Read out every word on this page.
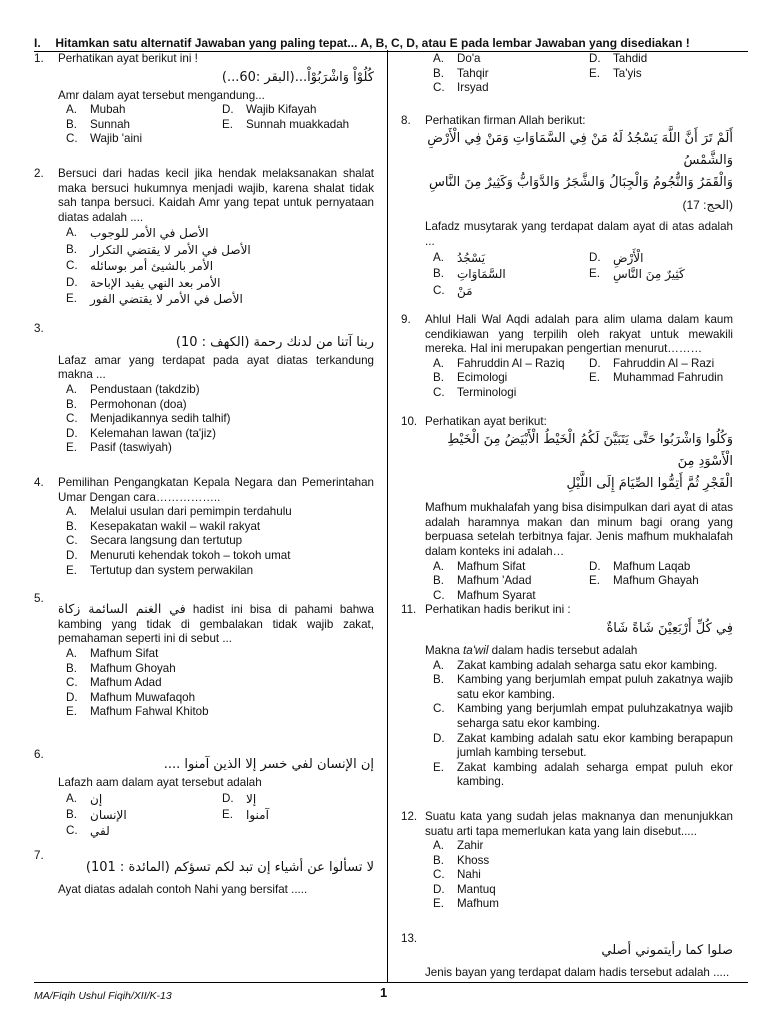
I. Hitamkan satu alternatif Jawaban yang paling tepat... A, B, C, D, atau E pada lembar Jawaban yang disediakan !
1.	Perhatikan ayat berikut ini !
كُلُوْاْ وَاشْرَبُوْاْ...(البقر :60...)
Amr dalam ayat tersebut mengandung...
A.	Mubah	D.	Wajib Kifayah
B.	Sunnah	E.	Sunnah muakkadah
C.	Wajib 'aini
2.	Bersuci dari hadas kecil jika hendak melaksanakan shalat maka bersuci hukumnya menjadi wajib, karena shalat tidak sah tanpa bersuci. Kaidah Amr yang tepat untuk pernyataan diatas adalah ....
A.	الأصل في الأمر للوجوب
B.	الأصل في الأمر لا يقتضي التكرار
C.	الأمر بالشيئ أمر بوسائله
D.	الأمر بعد النهي يفيد الإباحة
E.	الأصل في الأمر لا يقتضي الفور
3.
ربنا آتنا من لدنك رحمة (الكهف : 10)
Lafaz amar yang terdapat pada ayat diatas terkandung makna ...
A.	Pendustaan (takdzib)
B.	Permohonan (doa)
C.	Menjadikannya sedih talhif)
D.	Kelemahan lawan (ta'jiz)
E.	Pasif (taswiyah)
4.	Pemilihan Pengangkatan Kepala Negara dan Pemerintahan Umar Dengan cara……………..
A.	Melalui usulan dari pemimpin terdahulu
B.	Kesepakatan wakil – wakil rakyat
C.	Secara langsung dan tertutup
D.	Menuruti kehendak tokoh – tokoh umat
E.	Tertutup dan system perwakilan
5.
في الغنم السائمة زكاة hadist ini bisa di pahami bahwa kambing yang tidak di gembalakan tidak wajib zakat, pemahaman seperti ini di sebut ...
A.	Mafhum Sifat
B.	Mafhum Ghoyah
C.	Mafhum Adad
D.	Mafhum Muwafaqoh
E.	Mafhum Fahwal Khitob
6.
إن الإنسان لفي خسر إلا الذين آمنوا ....
Lafazh aam dalam ayat tersebut adalah
A.	إن	D.	إلا
B.	الإنسان	E.	آمنوا
C.	لفي
7.
لا تسألوا عن أشياء إن تبد لكم تسؤكم (المائدة : 101)
Ayat diatas adalah contoh Nahi yang bersifat .....
A.	Do'a	D.	Tahdid
B.	Tahqir	E.	Ta'yis
C.	Irsyad
8.	Perhatikan firman Allah berikut:
أَلَمْ تَرَ أَنَّ اللَّهَ يَسْجُدُ لَهُ مَنْ فِي السَّمَاوَاتِ وَمَنْ فِي الْأَرْضِ وَالشَّمْسُ
وَالْقَمَرُ وَالنُّجُومُ وَالْجِبَالُ وَالشَّجَرُ وَالدَّوَابُّ وَكَثِيرٌ مِنَ النَّاسِ
(الحج: 17)
Lafadz musytarak yang terdapat dalam ayat di atas adalah ...
A.	يَسْجُدُ	D.	الْأَرْضِ
B.	السَّمَاوَاتِ	E.	كَثِيرٌ مِنَ النَّاسِ
C.	مَنْ
9.	Ahlul Hali Wal Aqdi adalah para alim ulama dalam kaum cendikiawan yang terpilih oleh rakyat untuk mewakili mereka. Hal ini merupakan pengertian menurut………
A.	Fahruddin Al – Raziq D.	Fahruddin Al – Razi
B.	Ecimologi	E.	Muhammad Fahrudin
C.	Terminologi
10. Perhatikan ayat berikut:
وَكُلُوا وَاشْرَبُوا حَتَّى يَتَبَيَّنَ لَكُمُ الْخَيْطُ الْأَبْيَضُ مِنَ الْخَيْطِ الْأَسْوَدِ مِنَ
الْفَجْرِ ثُمَّ أَتِمُّوا الصِّيَامَ إِلَى اللَّيْلِ
Mafhum mukhalafah yang bisa disimpulkan dari ayat di atas adalah haramnya makan dan minum bagi orang yang berpuasa setelah terbitnya fajar. Jenis mafhum mukhalafah dalam konteks ini adalah…
A.	Mafhum Sifat	D.	Mafhum Laqab
B.	Mafhum 'Adad	E.	Mafhum Ghayah
C.	Mafhum Syarat
11. Perhatikan hadis berikut ini :
فِي كُلِّ أَرْبَعِيْنَ شَاةً شَاةٌ
Makna ta'wil dalam hadis tersebut adalah
A.	Zakat kambing adalah seharga satu ekor kambing.
B.	Kambing yang berjumlah empat puluh zakatnya wajib satu ekor kambing.
C.	Kambing yang berjumlah empat puluhzakatnya wajib seharga satu ekor kambing.
D.	Zakat kambing adalah satu ekor kambing berapapun jumlah kambing tersebut.
E.	Zakat kambing adalah seharga empat puluh ekor kambing.
12. Suatu kata yang sudah jelas maknanya dan menunjukkan suatu arti tapa memerlukan kata yang lain disebut.....
A.	Zahir
B.	Khoss
C.	Nahi
D.	Mantuq
E.	Mafhum
13.
صلوا كما رأيتموني أصلي
Jenis bayan yang terdapat dalam hadis tersebut adalah .....
MA/Fiqih Ushul Fiqih/XII/K-13	1
